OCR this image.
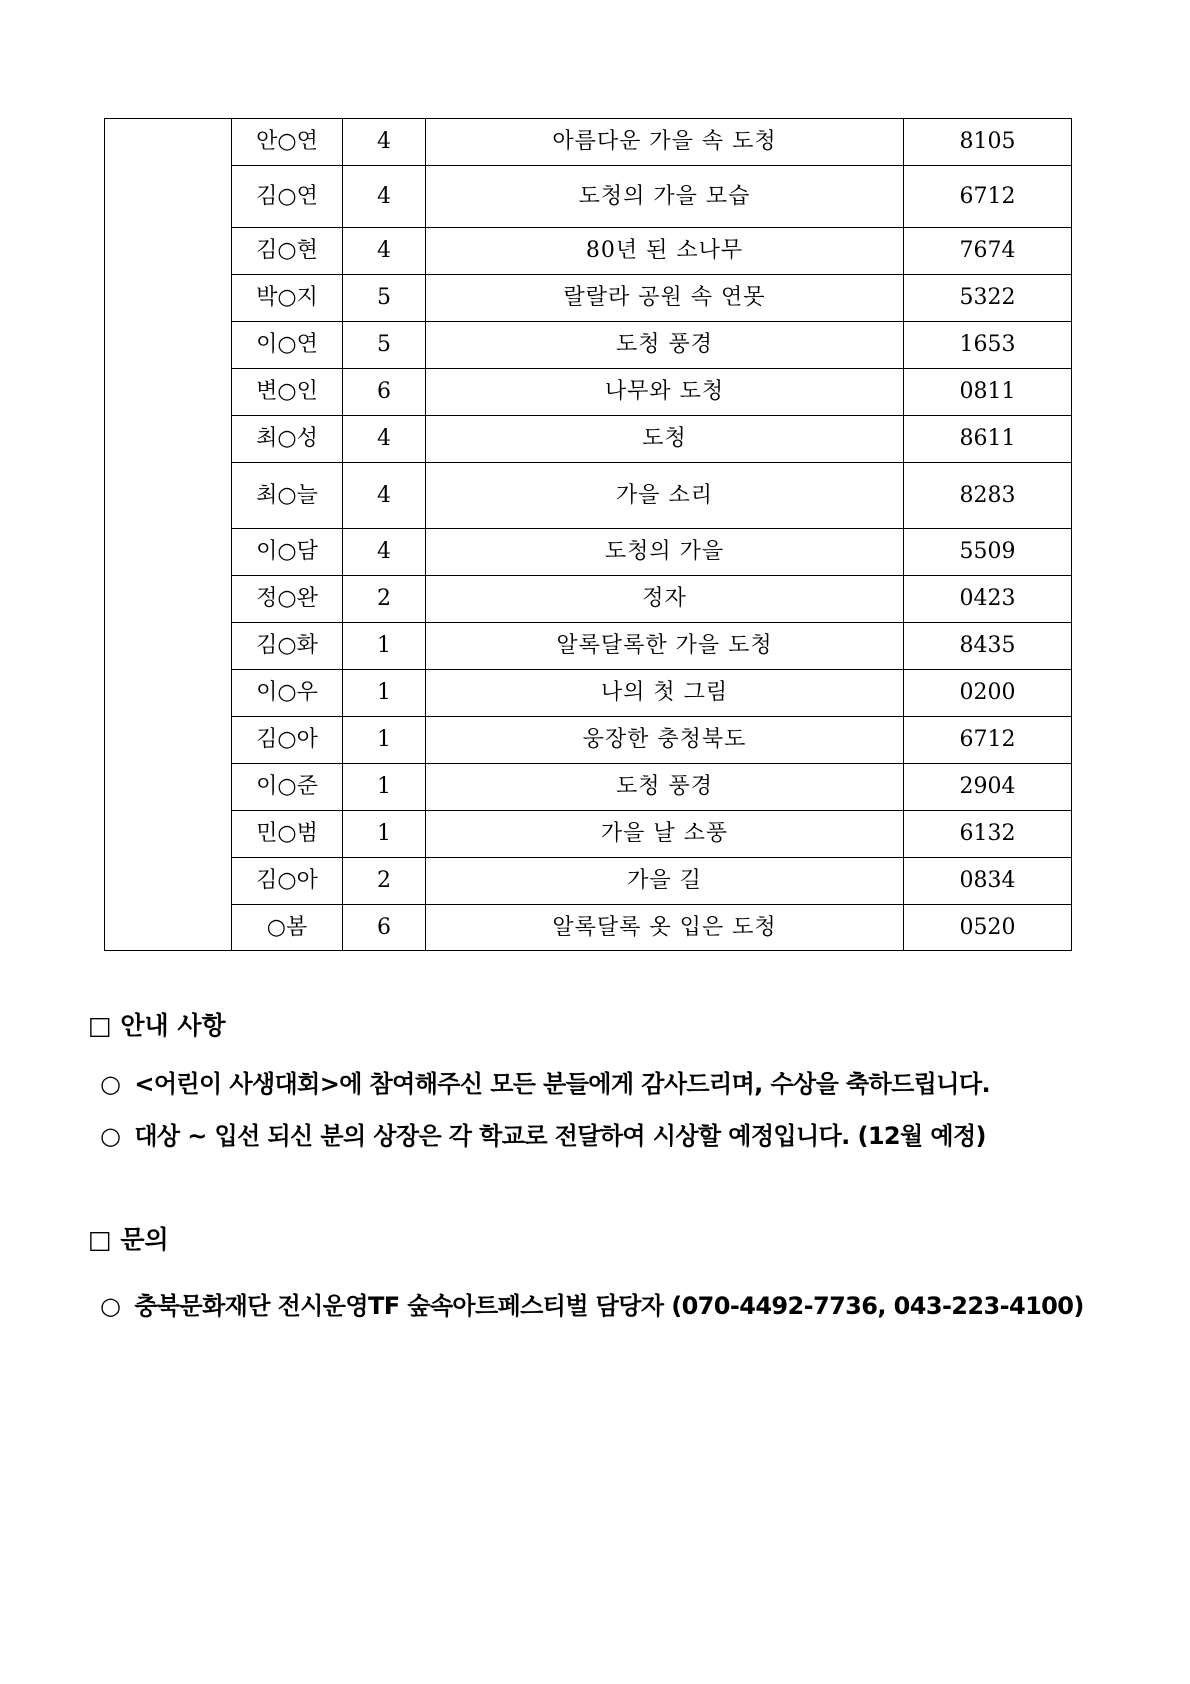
	안○연	4	아름다운 가을 속 도청	8105
	김○연	4	도청의 가을 모습	6712
	김○현	4	80년 된 소나무	7674
	박○지	5	랄랄라 공원 속 연못	5322
	이○연	5	도청 풍경	1653
	변○인	6	나무와 도청	0811
	최○성	4	도청	8611
	최○늘	4	가을 소리	8283
	이○담	4	도청의 가을	5509
	정○완	2	정자	0423
	김○화	1	알록달록한 가을 도청	8435
	이○우	1	나의 첫 그림	0200
	김○아	1	웅장한 충청북도	6712
	이○준	1	도청 풍경	2904
	민○범	1	가을 날 소풍	6132
	김○아	2	가을 길	0834
	○봄	6	알록달록 옷 입은 도청	0520
□ 안내 사항
○ <어린이 사생대회>에 참여해주신 모든 분들에게 감사드리며, 수상을 축하드립니다.
○ 대상 ~ 입선 되신 분의 상장은 각 학교로 전달하여 시상할 예정입니다. (12월 예정)
□ 문의
○ 충북문화재단 전시운영TF 숲속아트페스티벌 담당자 (070-4492-7736, 043-223-4100)
